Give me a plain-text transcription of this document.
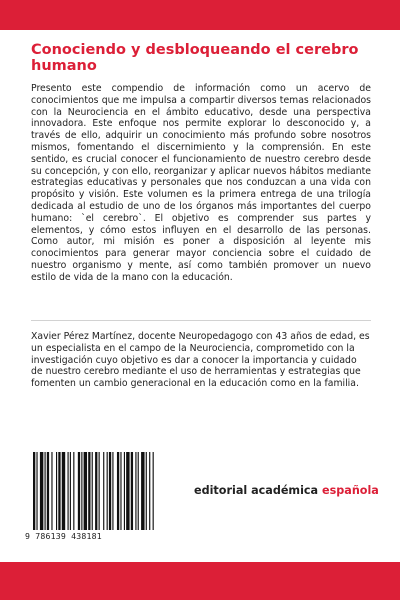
Conociendo y desbloqueando el cerebro humano

Presento este compendio de información como un acervo de conocimientos que me impulsa a compartir diversos temas relacionados con la Neurociencia en el ámbito educativo, desde una perspectiva innovadora. Este enfoque nos permite explorar lo desconocido y, a través de ello, adquirir un conocimiento más profundo sobre nosotros mismos, fomentando el discernimiento y la comprensión. En este sentido, es crucial conocer el funcionamiento de nuestro cerebro desde su concepción, y con ello, reorganizar y aplicar nuevos hábitos mediante estrategias educativas y personales que nos conduzcan a una vida con propósito y visión. Este volumen es la primera entrega de una trilogía dedicada al estudio de uno de los órganos más importantes del cuerpo humano: `el cerebro`. El objetivo es comprender sus partes y elementos, y cómo estos influyen en el desarrollo de las personas. Como autor, mi misión es poner a disposición al leyente mis conocimientos para generar mayor conciencia sobre el cuidado de nuestro organismo y mente, así como también promover un nuevo estilo de vida de la mano con la educación.

Xavier Pérez Martínez, docente Neuropedagogo con 43 años de edad, es un especialista en el campo de la Neurociencia, comprometido con la investigación cuyo objetivo es dar a conocer la importancia y cuidado de nuestro cerebro mediante el uso de herramientas y estrategias que fomenten un cambio generacional en la educación como en la familia.

9 786139 438181
editorial académica española
